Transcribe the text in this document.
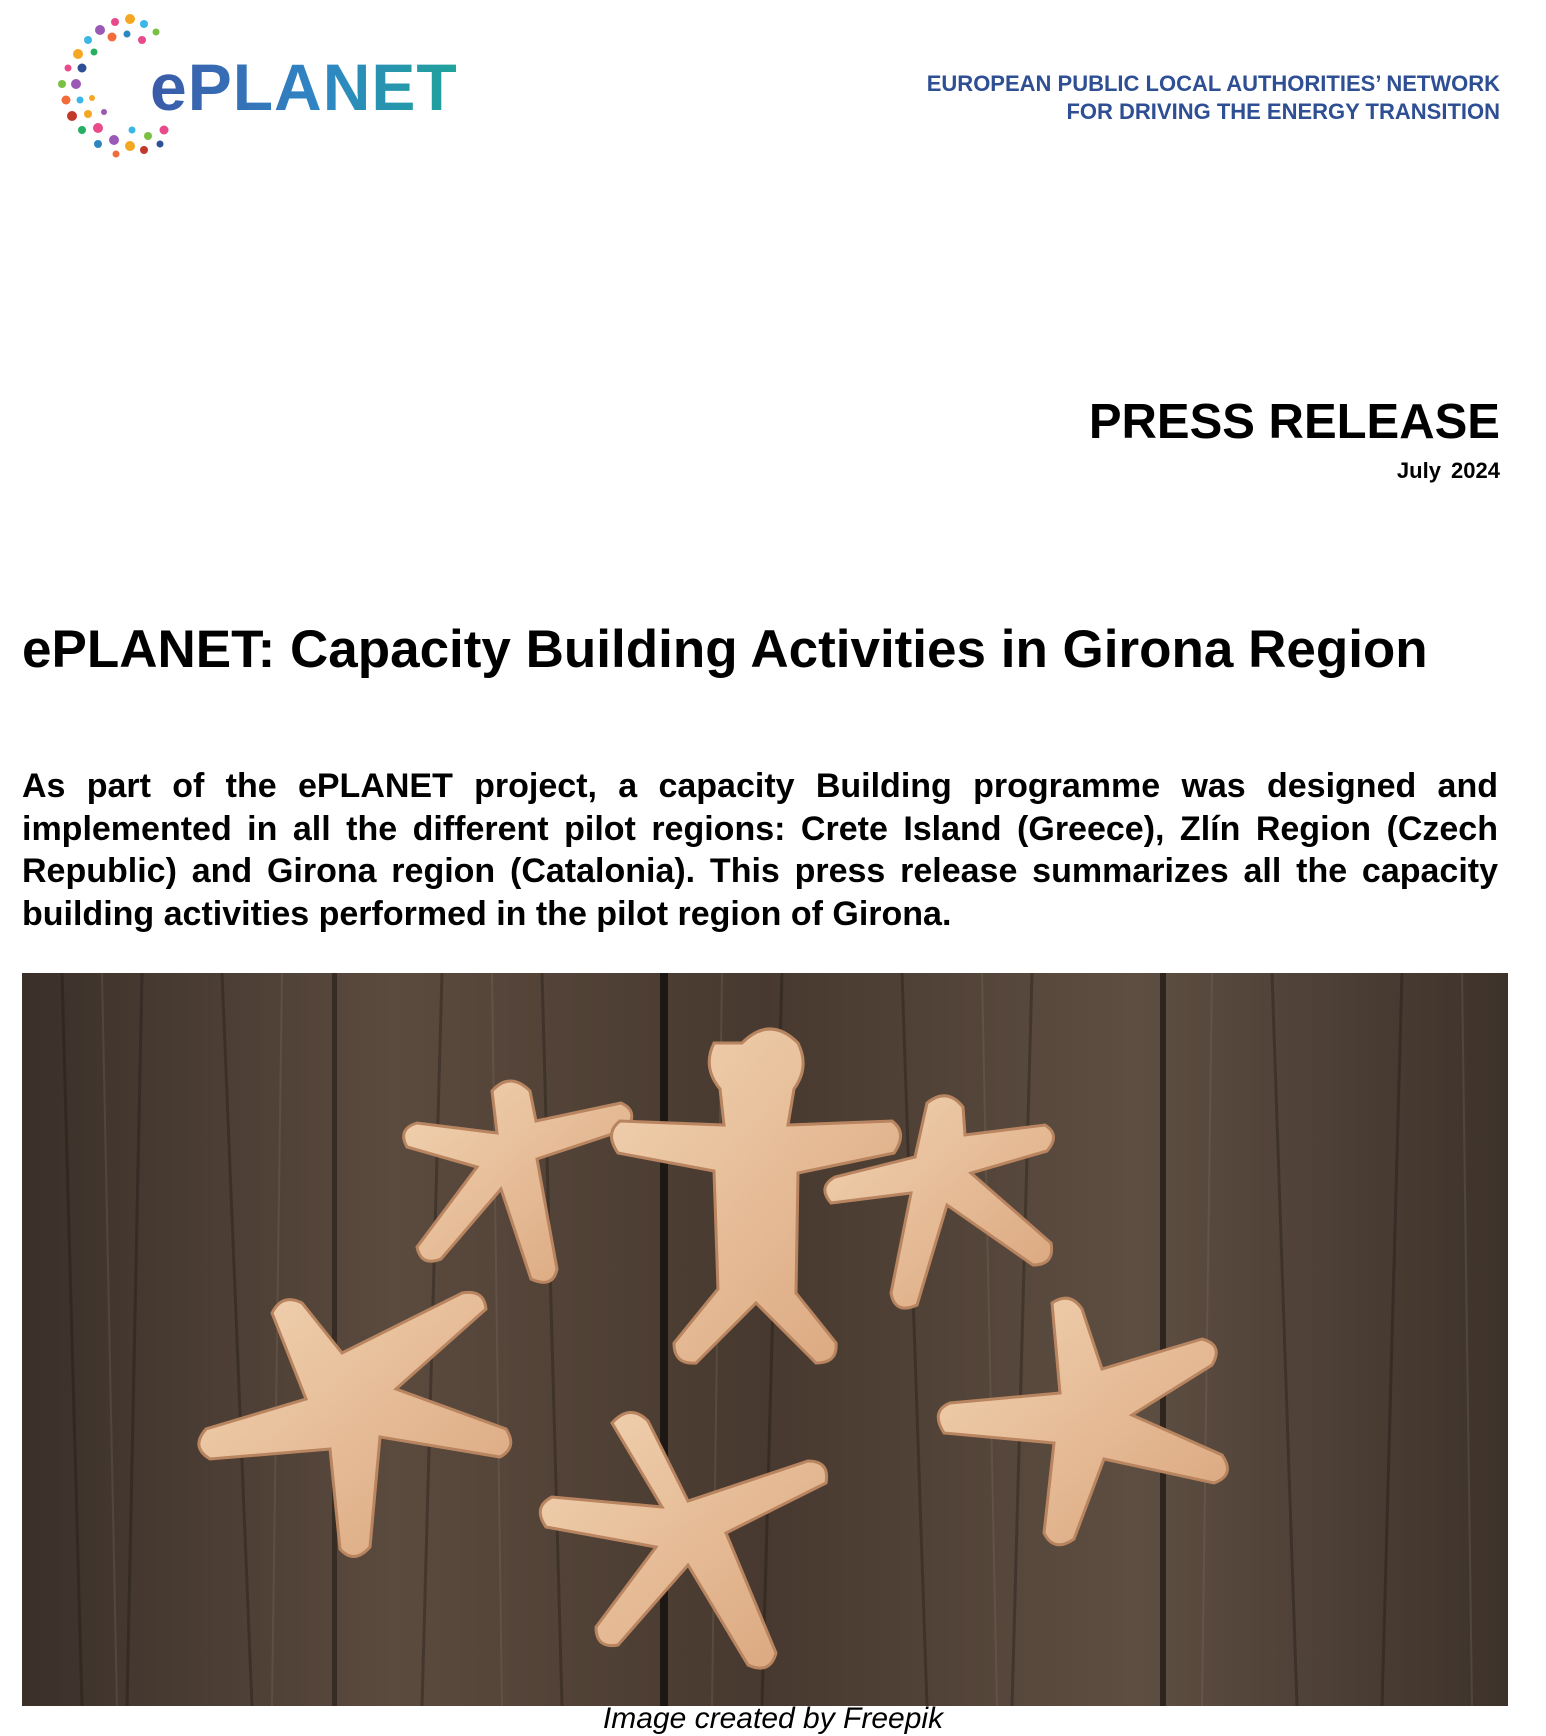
ePLANET	EUROPEAN PUBLIC LOCAL AUTHORITIES’ NETWORK
FOR DRIVING THE ENERGY TRANSITION
PRESS RELEASE
July 2024
ePLANET: Capacity Building Activities in Girona Region

As part of the ePLANET project, a capacity Building programme was designed and implemented in all the different pilot regions: Crete Island (Greece), Zlín Region (Czech Republic) and Girona region (Catalonia). This press release summarizes all the capacity building activities performed in the pilot region of Girona.

Image created by Freepik
